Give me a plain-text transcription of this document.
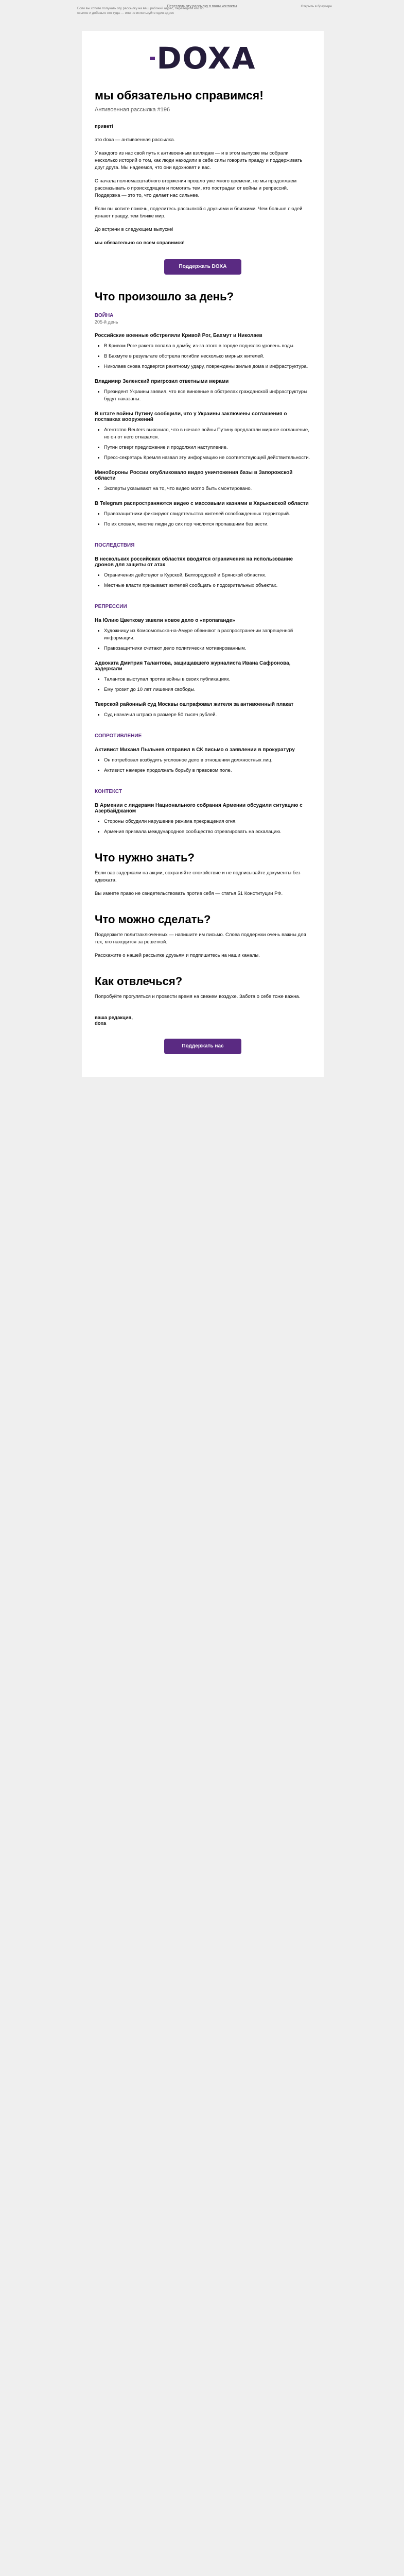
Переслать эту рассылку в ваши контакты
Если вы хотите получать эту рассылку на ваш рабочий адрес, переведите его по ссылке и добавьте его туда — или не используйте один адрес
Открыть в браузере
DOXA
мы обязательно справимся!
Антивоенная рассылка #196

привет!

это doxa — антивоенная рассылка.

У каждого из нас свой путь к антивоенным взглядам — и в этом выпуске мы собрали несколько историй о том, как люди находили в себе силы говорить правду и поддерживать друг друга. Мы надеемся, что они вдохновят и вас.

С начала полномасштабного вторжения прошло уже много времени, но мы продолжаем рассказывать о происходящем и помогать тем, кто пострадал от войны и репрессий. Поддержка — это то, что делает нас сильнее.

Если вы хотите помочь, поделитесь рассылкой с друзьями и близкими. Чем больше людей узнают правду, тем ближе мир.

До встречи в следующем выпуске!

мы обязательно со всем справимся!

Поддержать DOXA
Что произошло за день?
ВОЙНА
205-й день
Российские военные обстреляли Кривой Рог, Бахмут и Николаев
• В Кривом Роге ракета попала в дамбу, из-за этого в городе поднялся уровень воды.
• В Бахмуте в результате обстрела погибли несколько мирных жителей.
• Николаев снова подвергся ракетному удару, повреждены жилые дома и инфраструктура.
Владимир Зеленский пригрозил ответными мерами
• Президент Украины заявил, что все виновные в обстрелах гражданской инфраструктуры будут наказаны.
В штате войны Путину сообщили, что у Украины заключены соглашения о поставках вооружений
• Агентство Reuters выяснило, что в начале войны Путину предлагали мирное соглашение, но он от него отказался.
• Путин отверг предложение и продолжил наступление.
• Пресс-секретарь Кремля назвал эту информацию не соответствующей действительности.
Минобороны России опубликовало видео уничтожения базы в Запорожской области
• Эксперты указывают на то, что видео могло быть смонтировано.
В Telegram распространяются видео с массовыми казнями в Харьковской области
• Правозащитники фиксируют свидетельства жителей освобожденных территорий.
• По их словам, многие люди до сих пор числятся пропавшими без вести.
ПОСЛЕДСТВИЯ
В нескольких российских областях вводятся ограничения на использование дронов для защиты от атак
• Ограничения действуют в Курской, Белгородской и Брянской областях.
• Местные власти призывают жителей сообщать о подозрительных объектах.
РЕПРЕССИИ
На Юлию Цветкову завели новое дело о «пропаганде»
• Художницу из Комсомольска-на-Амуре обвиняют в распространении запрещенной информации.
• Правозащитники считают дело политически мотивированным.
Адвоката Дмитрия Талантова, защищавшего журналиста Ивана Сафронова, задержали
• Талантов выступал против войны в своих публикациях.
• Ему грозит до 10 лет лишения свободы.
Тверской районный суд Москвы оштрафовал жителя за антивоенный плакат
• Суд назначил штраф в размере 50 тысяч рублей.
СОПРОТИВЛЕНИЕ
Активист Михаил Пыльнев отправил в СК письмо о заявлении в прокуратуру
• Он потребовал возбудить уголовное дело в отношении должностных лиц.
• Активист намерен продолжать борьбу в правовом поле.
КОНТЕКСТ
В Армении с лидерами Национального собрания Армении обсудили ситуацию с Азербайджаном
• Стороны обсудили нарушение режима прекращения огня.
• Армения призвала международное сообщество отреагировать на эскалацию.
Что нужно знать?

Если вас задержали на акции, сохраняйте спокойствие и не подписывайте документы без адвоката.

Вы имеете право не свидетельствовать против себя — статья 51 Конституции РФ.

Что можно сделать?

Поддержите политзаключенных — напишите им письмо. Слова поддержки очень важны для тех, кто находится за решеткой.

Расскажите о нашей рассылке друзьям и подпишитесь на наши каналы.

Как отвлечься?

Попробуйте прогуляться и провести время на свежем воздухе. Забота о себе тоже важна.

ваша редакция,
doxa
Поддержать нас
